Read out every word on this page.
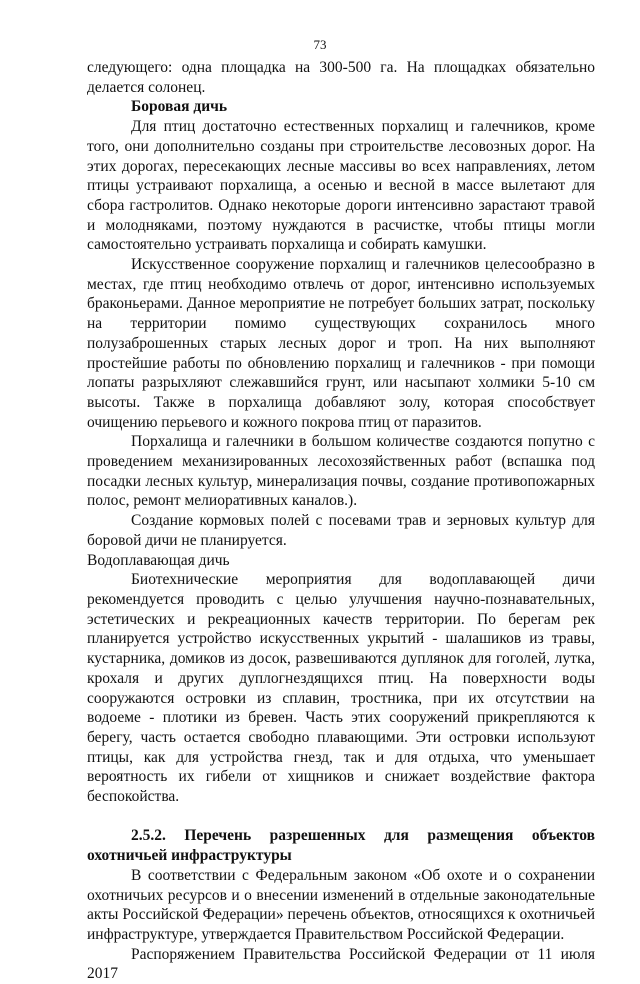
73

следующего: одна площадка на 300-500 га. На площадках обязательно делается солонец.

Боровая дичь

Для птиц достаточно естественных порхалищ и галечников, кроме того, они дополнительно созданы при строительстве лесовозных дорог. На этих дорогах, пересекающих лесные массивы во всех направлениях, летом птицы устраивают порхалища, а осенью и весной в массе вылетают для сбора гастролитов. Однако некоторые дороги интенсивно зарастают травой и молодняками, поэтому нуждаются в расчистке, чтобы птицы могли самостоятельно устраивать порхалища и собирать камушки.

Искусственное сооружение порхалищ и галечников целесообразно в местах, где птиц необходимо отвлечь от дорог, интенсивно используемых браконьерами. Данное мероприятие не потребует больших затрат, поскольку на территории помимо существующих сохранилось много полузаброшенных старых лесных дорог и троп. На них выполняют простейшие работы по обновлению порхалищ и галечников - при помощи лопаты разрыхляют слежавшийся грунт, или насыпают холмики 5-10 см высоты. Также в порхалища добавляют золу, которая способствует очищению перьевого и кожного покрова птиц от паразитов.

Порхалища и галечники в большом количестве создаются попутно с проведением механизированных лесохозяйственных работ (вспашка под посадки лесных культур, минерализация почвы, создание противопожарных полос, ремонт мелиоративных каналов.).

Создание кормовых полей с посевами трав и зерновых культур для боровой дичи не планируется.

Водоплавающая дичь

Биотехнические мероприятия для водоплавающей дичи рекомендуется проводить с целью улучшения научно-познавательных, эстетических и рекреационных качеств территории. По берегам рек планируется устройство искусственных укрытий - шалашиков из травы, кустарника, домиков из досок, развешиваются дуплянок для гоголей, лутка, крохаля и других дуплогнездящихся птиц. На поверхности воды сооружаются островки из сплавин, тростника, при их отсутствии на водоеме - плотики из бревен. Часть этих сооружений прикрепляются к берегу, часть остается свободно плавающими. Эти островки используют птицы, как для устройства гнезд, так и для отдыха, что уменьшает вероятность их гибели от хищников и снижает воздействие фактора беспокойства.

2.5.2. Перечень разрешенных для размещения объектов охотничьей инфраструктуры

В соответствии с Федеральным законом «Об охоте и о сохранении охотничьих ресурсов и о внесении изменений в отдельные законодательные акты Российской Федерации» перечень объектов, относящихся к охотничьей инфраструктуре, утверждается Правительством Российской Федерации.

Распоряжением Правительства Российской Федерации от 11 июля 2017
